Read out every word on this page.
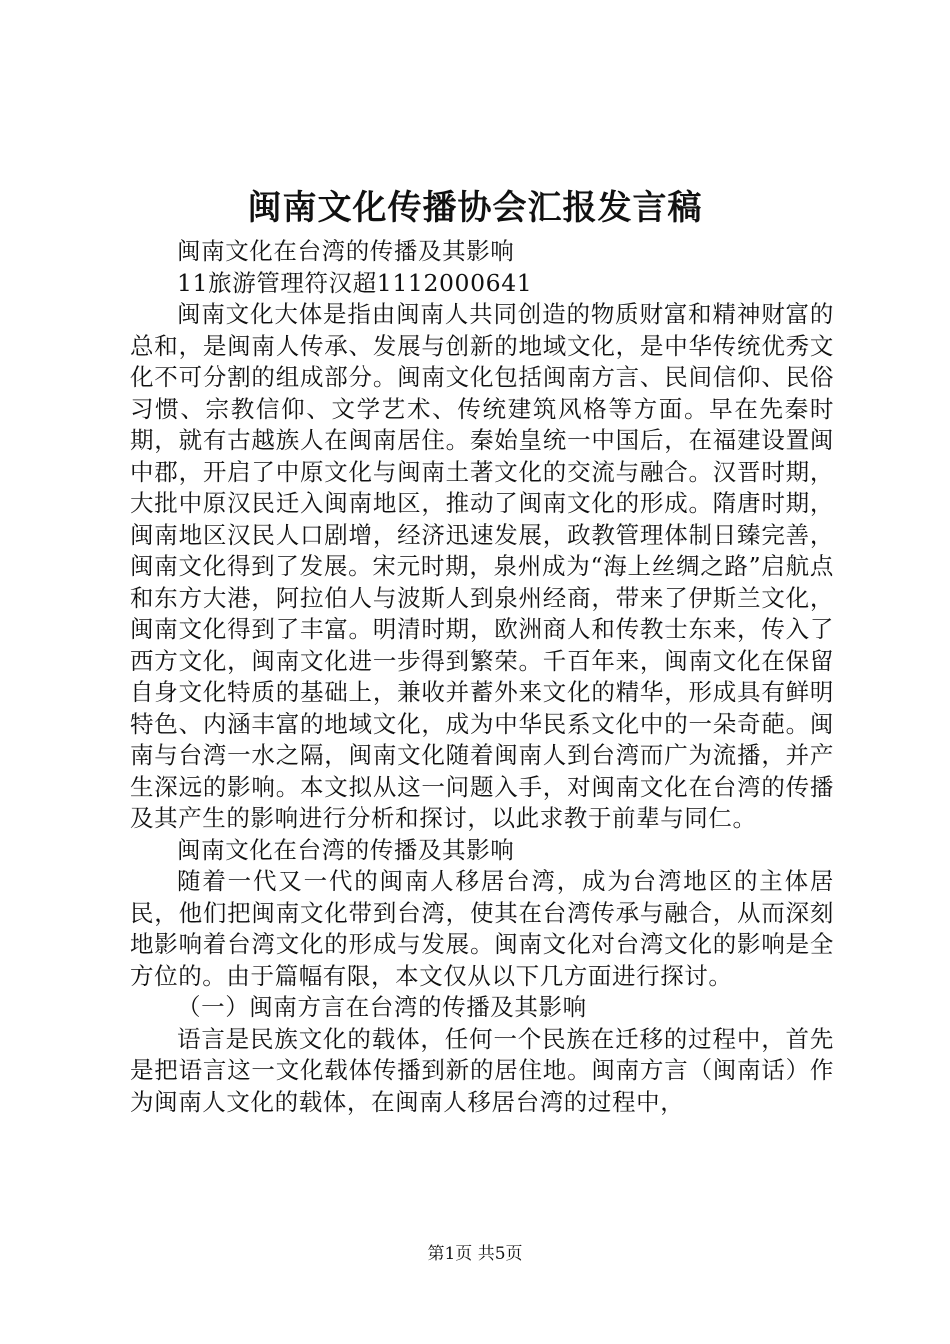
闽南文化传播协会汇报发言稿

闽南文化在台湾的传播及其影响

11旅游管理符汉超1112000641

闽南文化大体是指由闽南人共同创造的物质财富和精神财富的总和，是闽南人传承、发展与创新的地域文化，是中华传统优秀文化不可分割的组成部分。闽南文化包括闽南方言、民间信仰、民俗习惯、宗教信仰、文学艺术、传统建筑风格等方面。早在先秦时期，就有古越族人在闽南居住。秦始皇统一中国后，在福建设置闽中郡，开启了中原文化与闽南土著文化的交流与融合。汉晋时期，大批中原汉民迁入闽南地区，推动了闽南文化的形成。隋唐时期，闽南地区汉民人口剧增，经济迅速发展，政教管理体制日臻完善，闽南文化得到了发展。宋元时期，泉州成为“海上丝绸之路”启航点和东方大港，阿拉伯人与波斯人到泉州经商，带来了伊斯兰文化，闽南文化得到了丰富。明清时期，欧洲商人和传教士东来，传入了西方文化，闽南文化进一步得到繁荣。千百年来，闽南文化在保留自身文化特质的基础上，兼收并蓄外来文化的精华，形成具有鲜明特色、内涵丰富的地域文化，成为中华民系文化中的一朵奇葩。闽南与台湾一水之隔，闽南文化随着闽南人到台湾而广为流播，并产生深远的影响。本文拟从这一问题入手，对闽南文化在台湾的传播及其产生的影响进行分析和探讨，以此求教于前辈与同仁。

闽南文化在台湾的传播及其影响

随着一代又一代的闽南人移居台湾，成为台湾地区的主体居民，他们把闽南文化带到台湾，使其在台湾传承与融合，从而深刻地影响着台湾文化的形成与发展。闽南文化对台湾文化的影响是全方位的。由于篇幅有限，本文仅从以下几方面进行探讨。

（一）闽南方言在台湾的传播及其影响

语言是民族文化的载体，任何一个民族在迁移的过程中，首先是把语言这一文化载体传播到新的居住地。闽南方言（闽南话）作为闽南人文化的载体，在闽南人移居台湾的过程中，

第1页 共5页
